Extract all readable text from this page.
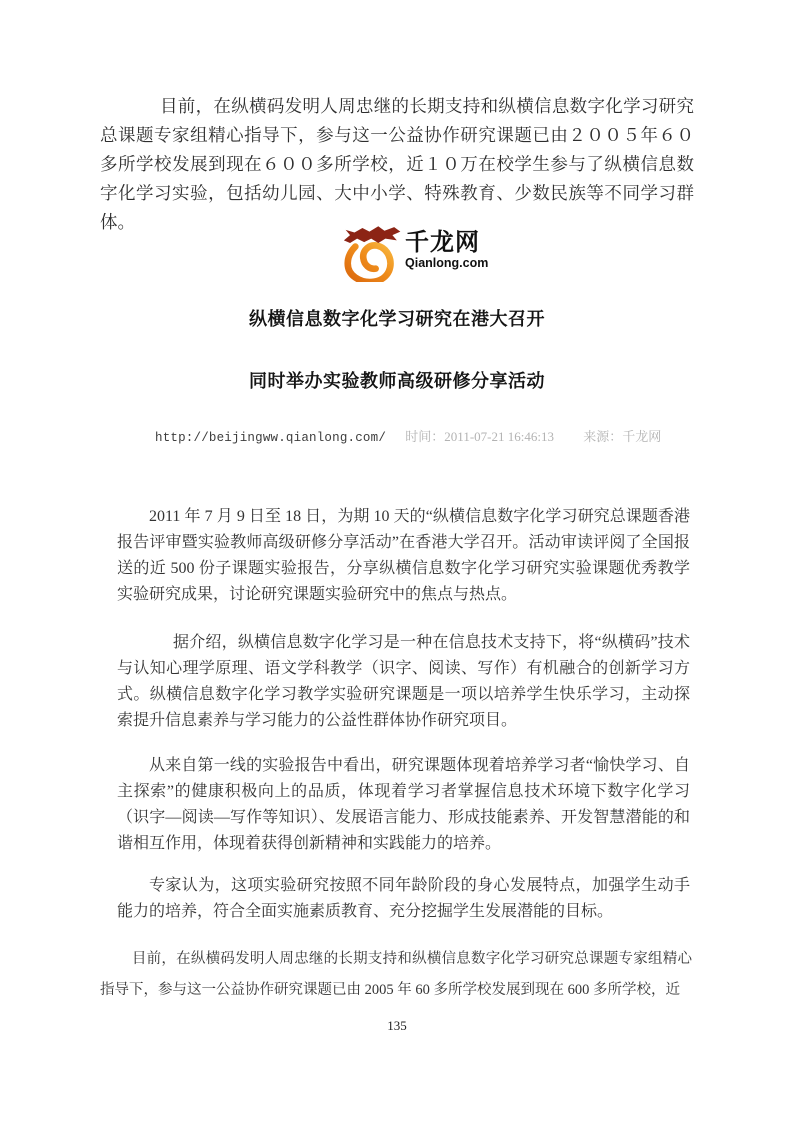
目前，在纵横码发明人周忠继的长期支持和纵横信息数字化学习研究总课题专家组精心指导下，参与这一公益协作研究课题已由２００５年６０多所学校发展到现在６００多所学校，近１０万在校学生参与了纵横信息数字化学习实验，包括幼儿园、大中小学、特殊教育、少数民族等不同学习群体。

千龙网
Qianlong.com
纵横信息数字化学习研究在港大召开
同时举办实验教师高级研修分享活动
http://beijingww.qianlong.com/ 时间：2011-07-21 16:46:13 来源：千龙网

2011 年 7 月 9 日至 18 日，为期 10 天的“纵横信息数字化学习研究总课题香港报告评审暨实验教师高级研修分享活动”在香港大学召开。活动审读评阅了全国报送的近 500 份子课题实验报告，分享纵横信息数字化学习研究实验课题优秀教学实验研究成果，讨论研究课题实验研究中的焦点与热点。

据介绍，纵横信息数字化学习是一种在信息技术支持下，将“纵横码”技术与认知心理学原理、语文学科教学（识字、阅读、写作）有机融合的创新学习方式。纵横信息数字化学习教学实验研究课题是一项以培养学生快乐学习，主动探索提升信息素养与学习能力的公益性群体协作研究项目。

从来自第一线的实验报告中看出，研究课题体现着培养学习者“愉快学习、自主探索”的健康积极向上的品质，体现着学习者掌握信息技术环境下数字化学习（识字—阅读—写作等知识）、发展语言能力、形成技能素养、开发智慧潜能的和谐相互作用，体现着获得创新精神和实践能力的培养。

专家认为，这项实验研究按照不同年龄阶段的身心发展特点，加强学生动手能力的培养，符合全面实施素质教育、充分挖掘学生发展潜能的目标。

目前，在纵横码发明人周忠继的长期支持和纵横信息数字化学习研究总课题专家组精心指导下，参与这一公益协作研究课题已由 2005 年 60 多所学校发展到现在 600 多所学校，近

135
